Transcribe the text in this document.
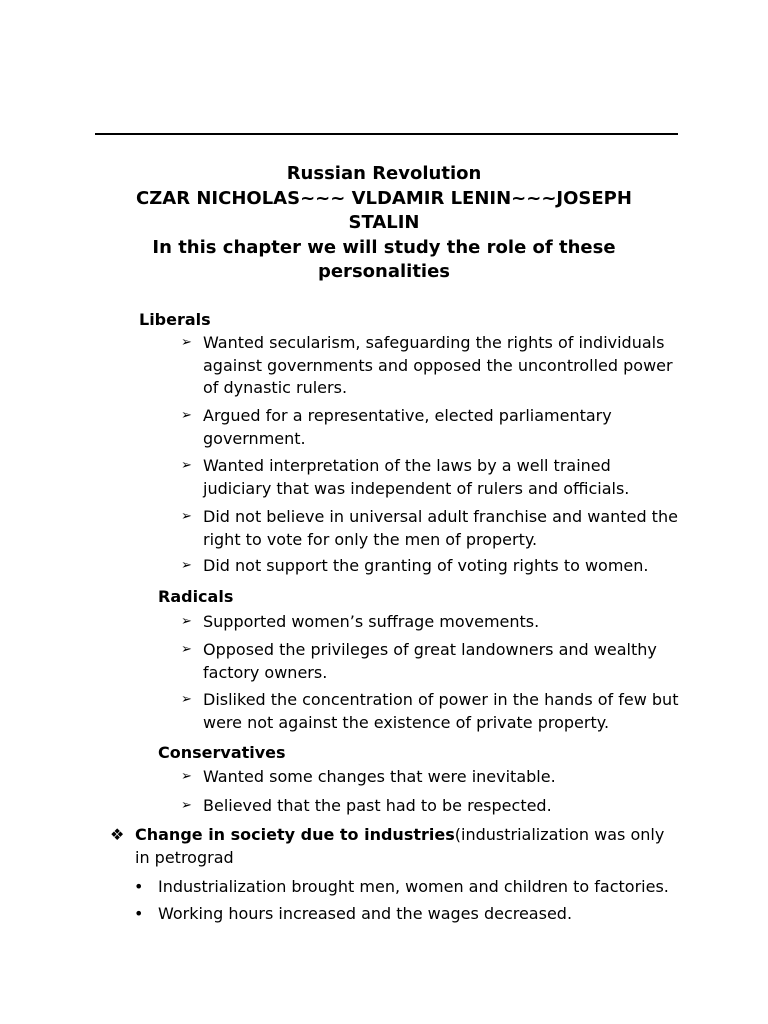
Russian Revolution
CZAR NICHOLAS~~~ VLDAMIR LENIN~~~JOSEPH STALIN
In this chapter we will study the role of these personalities
Liberals
➢ Wanted secularism, safeguarding the rights of individuals against governments and opposed the uncontrolled power of dynastic rulers.
➢ Argued for a representative, elected parliamentary government.
➢ Wanted interpretation of the laws by a well trained judiciary that was independent of rulers and officials.
➢ Did not believe in universal adult franchise and wanted the right to vote for only the men of property.
➢ Did not support the granting of voting rights to women.
Radicals
➢ Supported women’s suffrage movements.
➢ Opposed the privileges of great landowners and wealthy factory owners.
➢ Disliked the concentration of power in the hands of few but were not against the existence of private property.
Conservatives
➢ Wanted some changes that were inevitable.
➢ Believed that the past had to be respected.
❖ Change in society due to industries(industrialization was only in petrograd
• Industrialization brought men, women and children to factories.
• Working hours increased and the wages decreased.
